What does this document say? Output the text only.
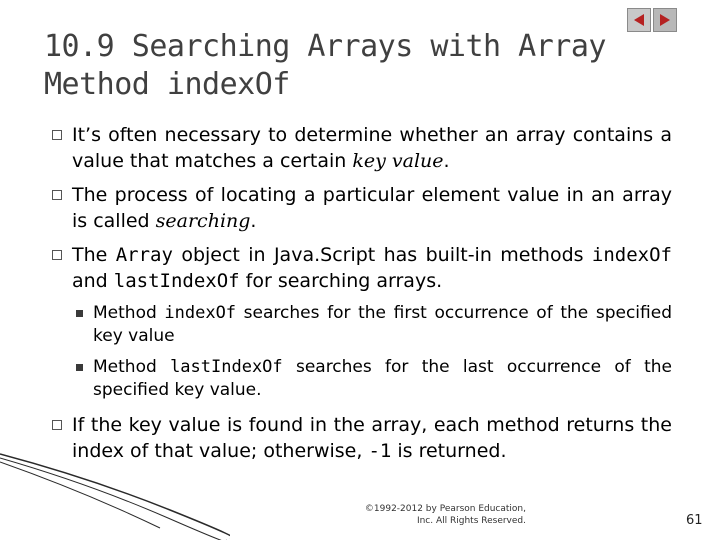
10.9 Searching Arrays with Array
Method indexOf
It’s often necessary to determine whether an array contains a value that matches a certain key value.
The process of locating a particular element value in an array is called searching.
The Array object in Java.Script has built-in methods indexOf and lastIndexOf for searching arrays.
Method indexOf searches for the first occurrence of the specified key value
Method lastIndexOf searches for the last occurrence of the specified key value.
If the key value is found in the array, each method returns the index of that value; otherwise, -1 is returned.
©1992-2012 by Pearson Education,
Inc. All Rights Reserved.	61
